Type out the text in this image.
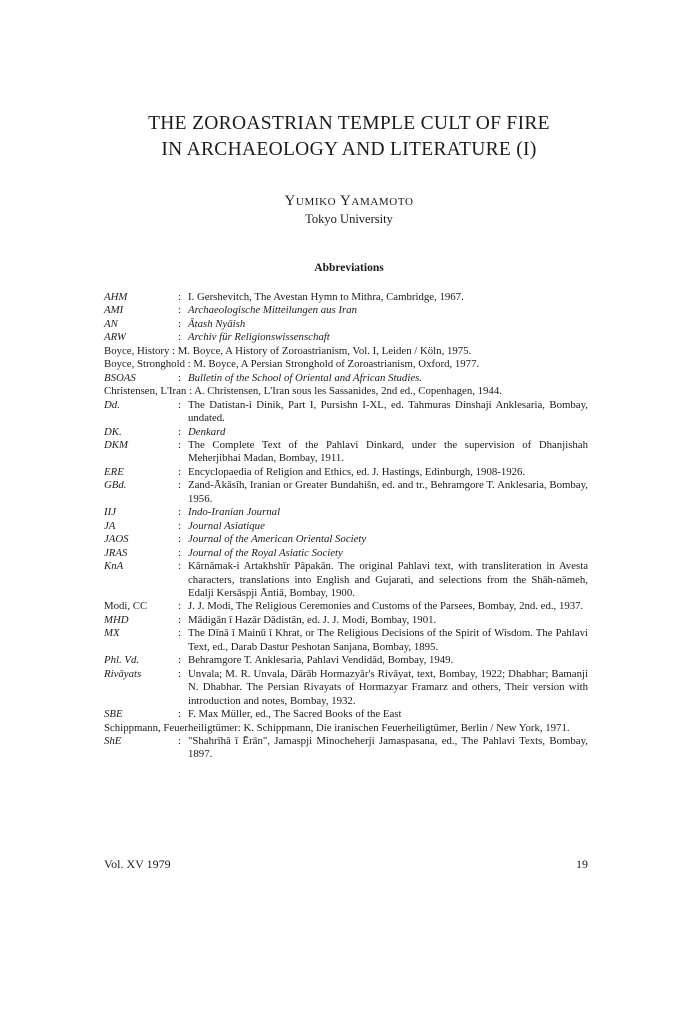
THE ZOROASTRIAN TEMPLE CULT OF FIRE
IN ARCHAEOLOGY AND LITERATURE (I)
Yumiko Yamamoto
Tokyo University
Abbreviations
AHM	: I. Gershevitch, The Avestan Hymn to Mithra, Cambridge, 1967.
AMI	: Archaeologische Mitteilungen aus Iran
AN	: Ātash Nyāish
ARW	: Archiv für Religionswissenschaft
Boyce, History : M. Boyce, A History of Zoroastrianism, Vol. I, Leiden / Köln, 1975.
Boyce, Stronghold : M. Boyce, A Persian Stronghold of Zoroastrianism, Oxford, 1977.
BSOAS	: Bulletin of the School of Oriental and African Studies.
Christensen, L'Iran : A. Christensen, L'Iran sous les Sassanides, 2nd ed., Copenhagen, 1944.
Dd.	: The Datistan-i Dinik, Part I, Pursishn I-XL, ed. Tahmuras Dinshaji Anklesaria, Bombay, undated.
DK.	: Denkard
DKM	: The Complete Text of the Pahlavi Dinkard, under the supervision of Dhanjishah Meherjibhai Madan, Bombay, 1911.
ERE	: Encyclopaedia of Religion and Ethics, ed. J. Hastings, Edinburgh, 1908-1926.
GBd.	: Zand-Ākāsīh, Iranian or Greater Bundahišn, ed. and tr., Behramgore T. Anklesaria, Bombay, 1956.
IIJ	: Indo-Iranian Journal
JA	: Journal Asiatique
JAOS	: Journal of the American Oriental Society
JRAS	: Journal of the Royal Asiatic Society
KnA	: Kārnāmak-i Artakhshīr Pāpakān. The original Pahlavi text, with transliteration in Avesta characters, translations into English and Gujarati, and selections from the Shāh-nāmeh, Edalji Kersāspji Āntiā, Bombay, 1900.
Modi, CC	: J. J. Modi, The Religious Ceremonies and Customs of the Parsees, Bombay, 2nd. ed., 1937.
MHD	: Mādigān ī Hazār Dādistān, ed. J. J. Modi, Bombay, 1901.
MX	: The Dīnā ī Mainū ī Khrat, or The Religious Decisions of the Spirit of Wisdom. The Pahlavi Text, ed., Darab Dastur Peshotan Sanjana, Bombay, 1895.
Phl. Vd.	: Behramgore T. Anklesaria, Pahlavi Vendidād, Bombay, 1949.
Rivāyats	: Unvala; M. R. Unvala, Dārāb Hormazyār's Rivāyat, text, Bombay, 1922; Dhabhar; Bamanji N. Dhabhar. The Persian Rivayats of Hormazyar Framarz and others, Their version with introduction and notes, Bombay, 1932.
SBE	: F. Max Müller, ed., The Sacred Books of the East
Schippmann, Feuerheiligtümer: K. Schippmann, Die iranischen Feuerheiligtümer, Berlin / New York, 1971.
ShE	: "Shahrīhā ī Ērān", Jamaspji Minocheherji Jamaspasana, ed., The Pahlavi Texts, Bombay, 1897.
Vol. XV 1979	19
